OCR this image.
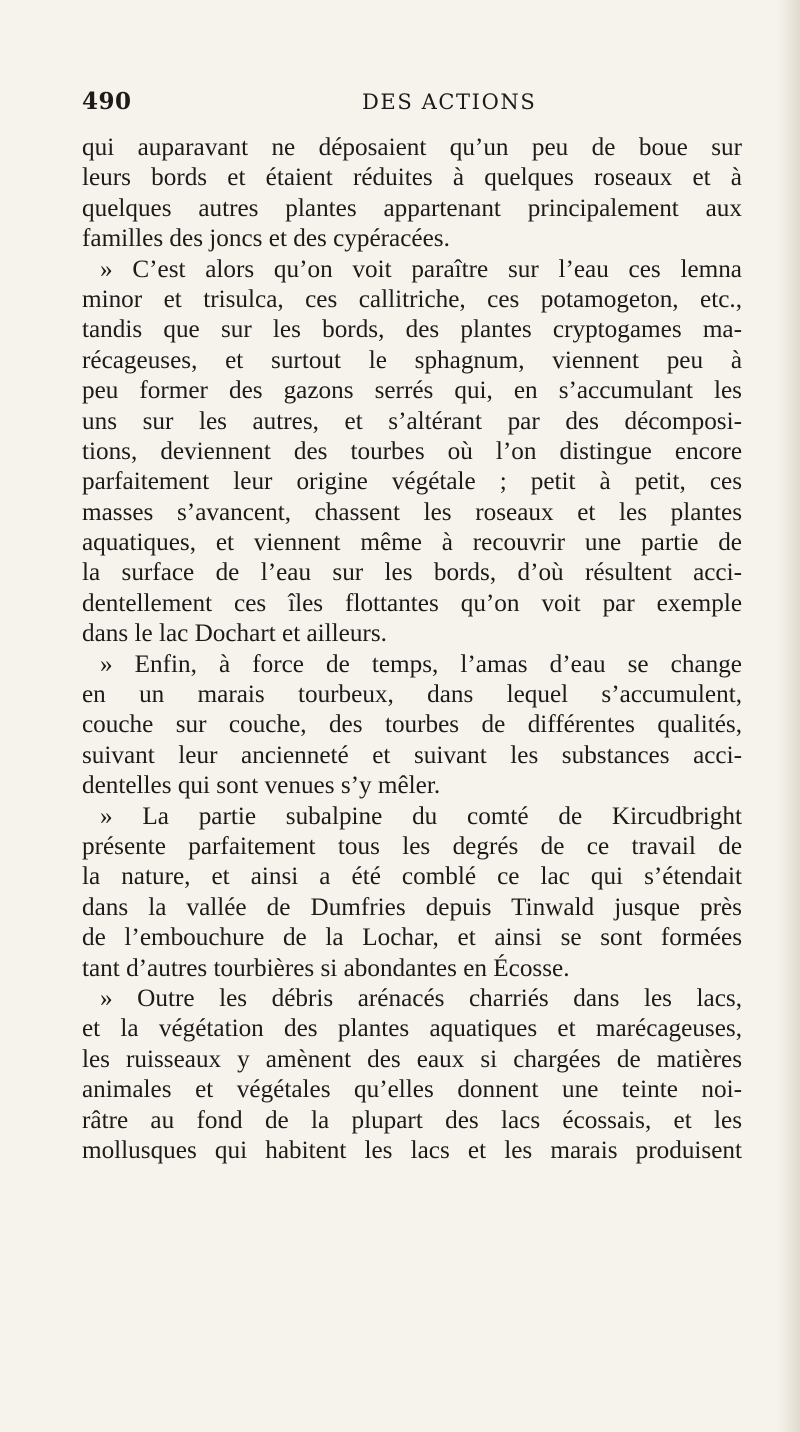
490	DES ACTIONS
qui auparavant ne déposaient qu’un peu de boue sur
leurs bords et étaient réduites à quelques roseaux et à
quelques autres plantes appartenant principalement aux
familles des joncs et des cypéracées.
» C’est alors qu’on voit paraître sur l’eau ces lemna
minor et trisulca, ces callitriche, ces potamogeton, etc.,
tandis que sur les bords, des plantes cryptogames ma-
récageuses, et surtout le sphagnum, viennent peu à
peu former des gazons serrés qui, en s’accumulant les
uns sur les autres, et s’altérant par des décomposi-
tions, deviennent des tourbes où l’on distingue encore
parfaitement leur origine végétale ; petit à petit, ces
masses s’avancent, chassent les roseaux et les plantes
aquatiques, et viennent même à recouvrir une partie de
la surface de l’eau sur les bords, d’où résultent acci-
dentellement ces îles flottantes qu’on voit par exemple
dans le lac Dochart et ailleurs.
» Enfin, à force de temps, l’amas d’eau se change
en un marais tourbeux, dans lequel s’accumulent,
couche sur couche, des tourbes de différentes qualités,
suivant leur ancienneté et suivant les substances acci-
dentelles qui sont venues s’y mêler.
» La partie subalpine du comté de Kircudbright
présente parfaitement tous les degrés de ce travail de
la nature, et ainsi a été comblé ce lac qui s’étendait
dans la vallée de Dumfries depuis Tinwald jusque près
de l’embouchure de la Lochar, et ainsi se sont formées
tant d’autres tourbières si abondantes en Écosse.
» Outre les débris arénacés charriés dans les lacs,
et la végétation des plantes aquatiques et marécageuses,
les ruisseaux y amènent des eaux si chargées de matières
animales et végétales qu’elles donnent une teinte noi-
râtre au fond de la plupart des lacs écossais, et les
mollusques qui habitent les lacs et les marais produisent
